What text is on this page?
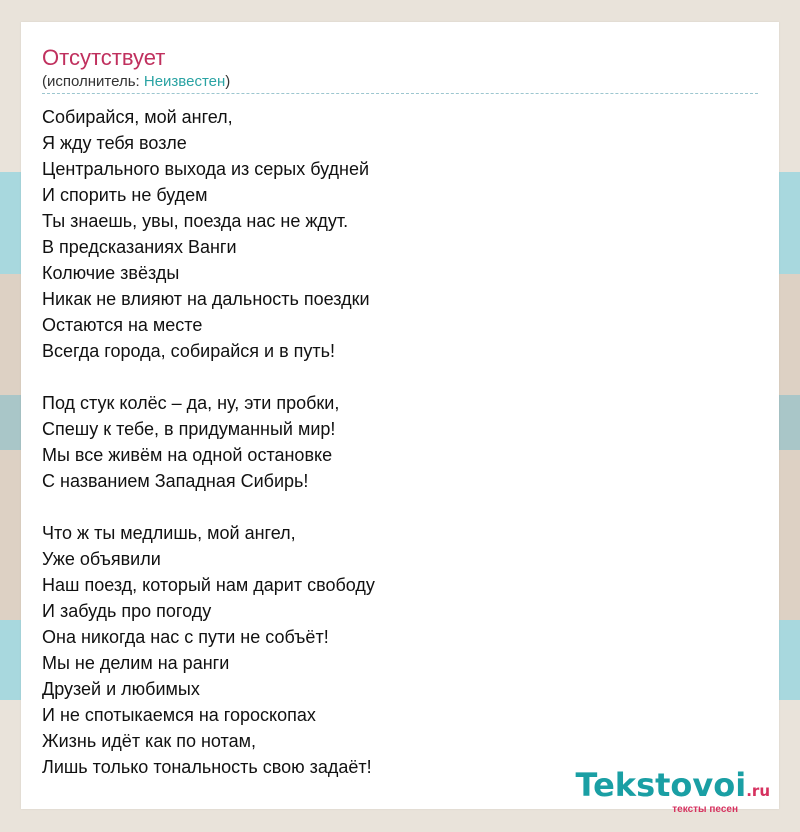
Отсутствует
(исполнитель: Неизвестен)
Собирайся, мой ангел,
Я жду тебя возле
Центрального выхода из серых будней
И спорить не будем
Ты знаешь, увы, поезда нас не ждут.
В предсказаниях Ванги
Колючие звёзды
Никак не влияют на дальность поездки
Остаются на месте
Всегда города, собирайся и в путь!
Под стук колёс – да, ну, эти пробки,
Спешу к тебе, в придуманный мир!
Мы все живём на одной остановке
С названием Западная Сибирь!
Что ж ты медлишь, мой ангел,
Уже объявили
Наш поезд, который нам дарит свободу
И забудь про погоду
Она никогда нас с пути не собъёт!
Мы не делим на ранги
Друзей и любимых
И не спотыкаемся на гороскопах
Жизнь идёт как по нотам,
Лишь только тональность свою задаёт!	Tekstovoi.ru
тексты песен
